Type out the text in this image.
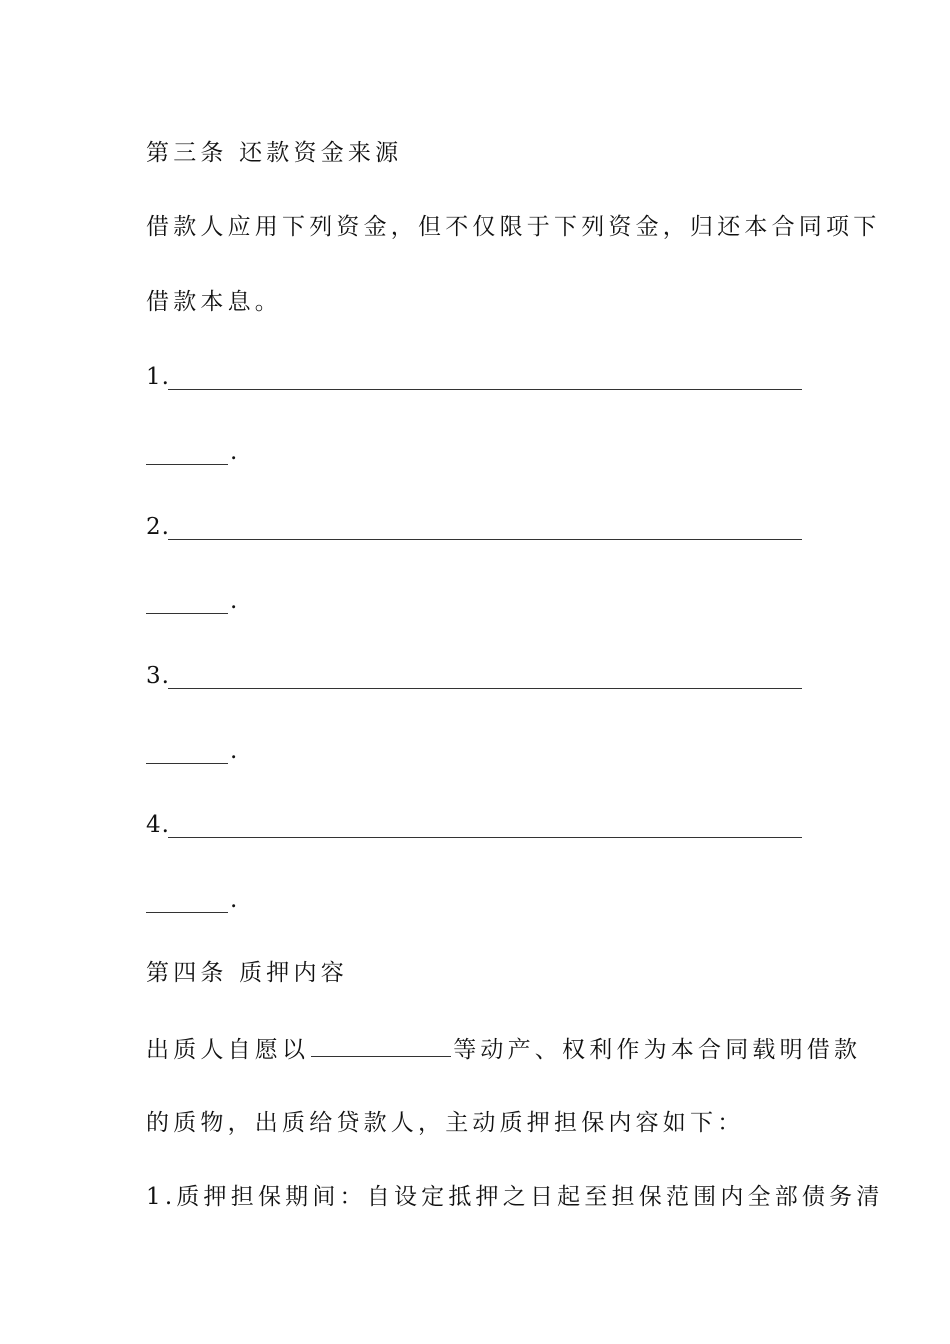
第三条 还款资金来源
借款人应用下列资金，但不仅限于下列资金，归还本合同项下
借款本息。
1.
.
2.
.
3.
.
4.
.
第四条 质押内容
出质人自愿以	等动产、权利作为本合同载明借款
的质物，出质给贷款人，主动质押担保内容如下：
1.质押担保期间：自设定抵押之日起至担保范围内全部债务清
